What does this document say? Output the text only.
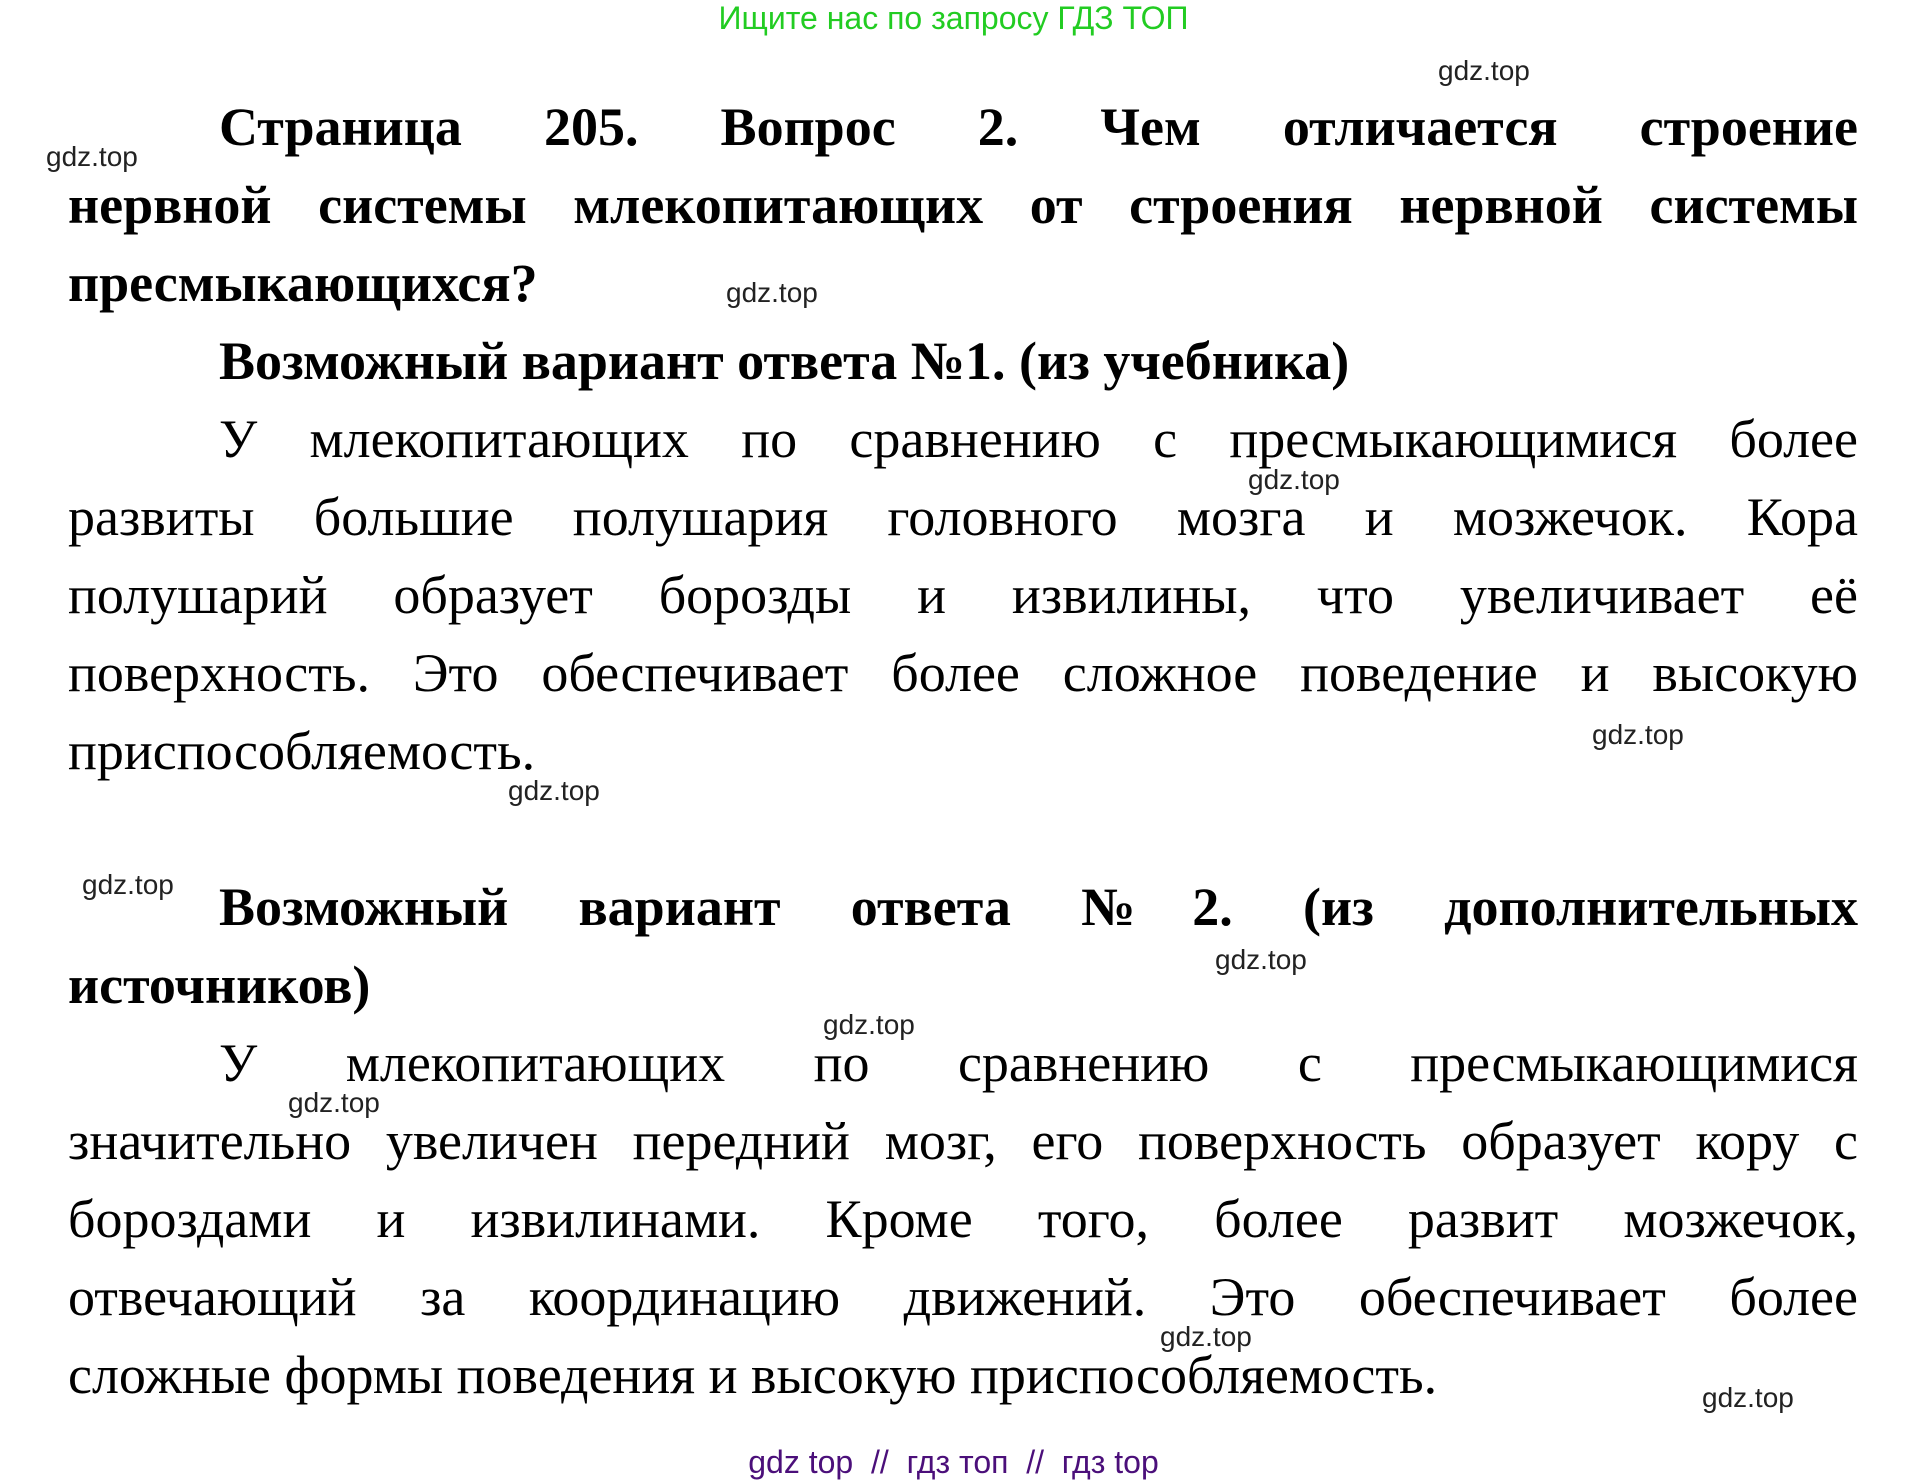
Ищите нас по запросу ГДЗ ТОП
gdz.top
gdz.top
gdz.top
gdz.top
gdz.top
gdz.top
gdz.top
gdz.top
gdz.top
gdz.top
gdz.top
gdz.top
Страница 205. Вопрос 2. Чем отличается строение
нервной системы млекопитающих от строения нервной системы
пресмыкающихся?
Возможный вариант ответа №1. (из учебника)
У млекопитающих по сравнению с пресмыкающимися более
развиты большие полушария головного мозга и мозжечок. Кора
полушарий образует борозды и извилины, что увеличивает её
поверхность. Это обеспечивает более сложное поведение и высокую
приспособляемость.
Возможный вариант ответа №2. (из дополнительных
источников)
У млекопитающих по сравнению с пресмыкающимися
значительно увеличен передний мозг, его поверхность образует кору с
бороздами и извилинами. Кроме того, более развит мозжечок,
отвечающий за координацию движений. Это обеспечивает более
сложные формы поведения и высокую приспособляемость.
gdz top  //  гдз топ  //  гдз top
